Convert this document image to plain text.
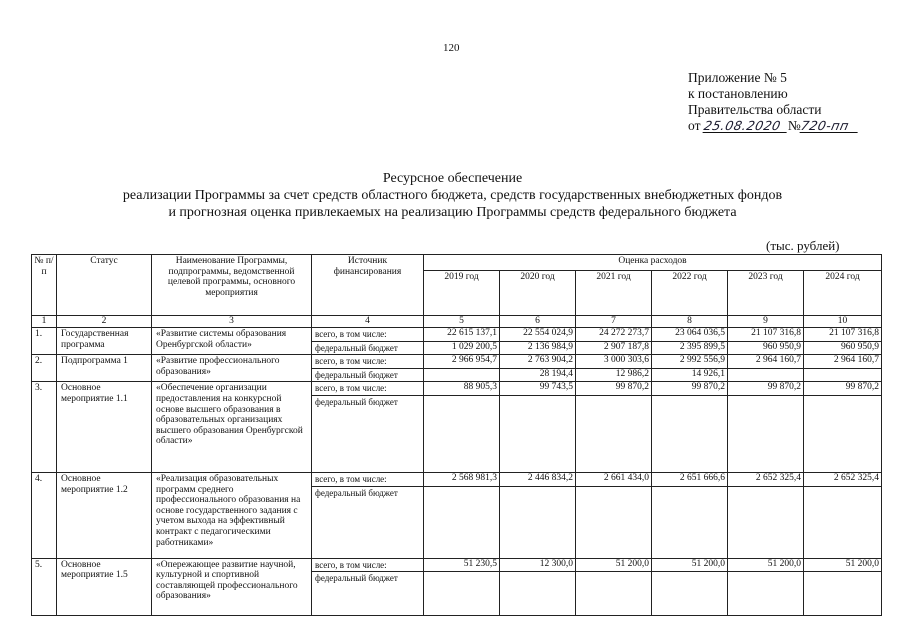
120
Приложение № 5
к постановлению
Правительства области
от 25.08.2020 №720-пп
Ресурсное обеспечение
реализации Программы за счет средств областного бюджета, средств государственных внебюджетных фондов
и прогнозная оценка привлекаемых на реализацию Программы средств федерального бюджета
(тыс. рублей)
№ п/п	Статус	Наименование Программы, подпрограммы, ведомственной целевой программы, основного мероприятия	Источник финансирования	Оценка расходов					
				2019 год	2020 год	2021 год	2022 год	2023 год	2024 год
1	2	3	4	5	6	7	8	9	10
1.	Государственная программа	«Развитие системы образования Оренбургской области»	всего, в том числе:	22 615 137,1	22 554 024,9	24 272 273,7	23 064 036,5	21 107 316,8	21 107 316,8
			федеральный бюджет	1 029 200,5	2 136 984,9	2 907 187,8	2 395 899,5	960 950,9	960 950,9
2.	Подпрограмма 1	«Развитие профессионального образования»	всего, в том числе:	2 966 954,7	2 763 904,2	3 000 303,6	2 992 556,9	2 964 160,7	2 964 160,7
			федеральный бюджет		28 194,4	12 986,2	14 926,1		
3.	Основное мероприятие 1.1	«Обеспечение организации предоставления на конкурсной основе высшего образования в образовательных организациях высшего образования Оренбургской области»	всего, в том числе:	88 905,3	99 743,5	99 870,2	99 870,2	99 870,2	99 870,2
			федеральный бюджет						
4.	Основное мероприятие 1.2	«Реализация образовательных программ среднего профессионального образования на основе государственного задания с учетом выхода на эффективный контракт с педагогическими работниками»	всего, в том числе:	2 568 981,3	2 446 834,2	2 661 434,0	2 651 666,6	2 652 325,4	2 652 325,4
			федеральный бюджет						
5.	Основное мероприятие 1.5	«Опережающее развитие научной, культурной и спортивной составляющей профессионального образования»	всего, в том числе:	51 230,5	12 300,0	51 200,0	51 200,0	51 200,0	51 200,0
			федеральный бюджет						
